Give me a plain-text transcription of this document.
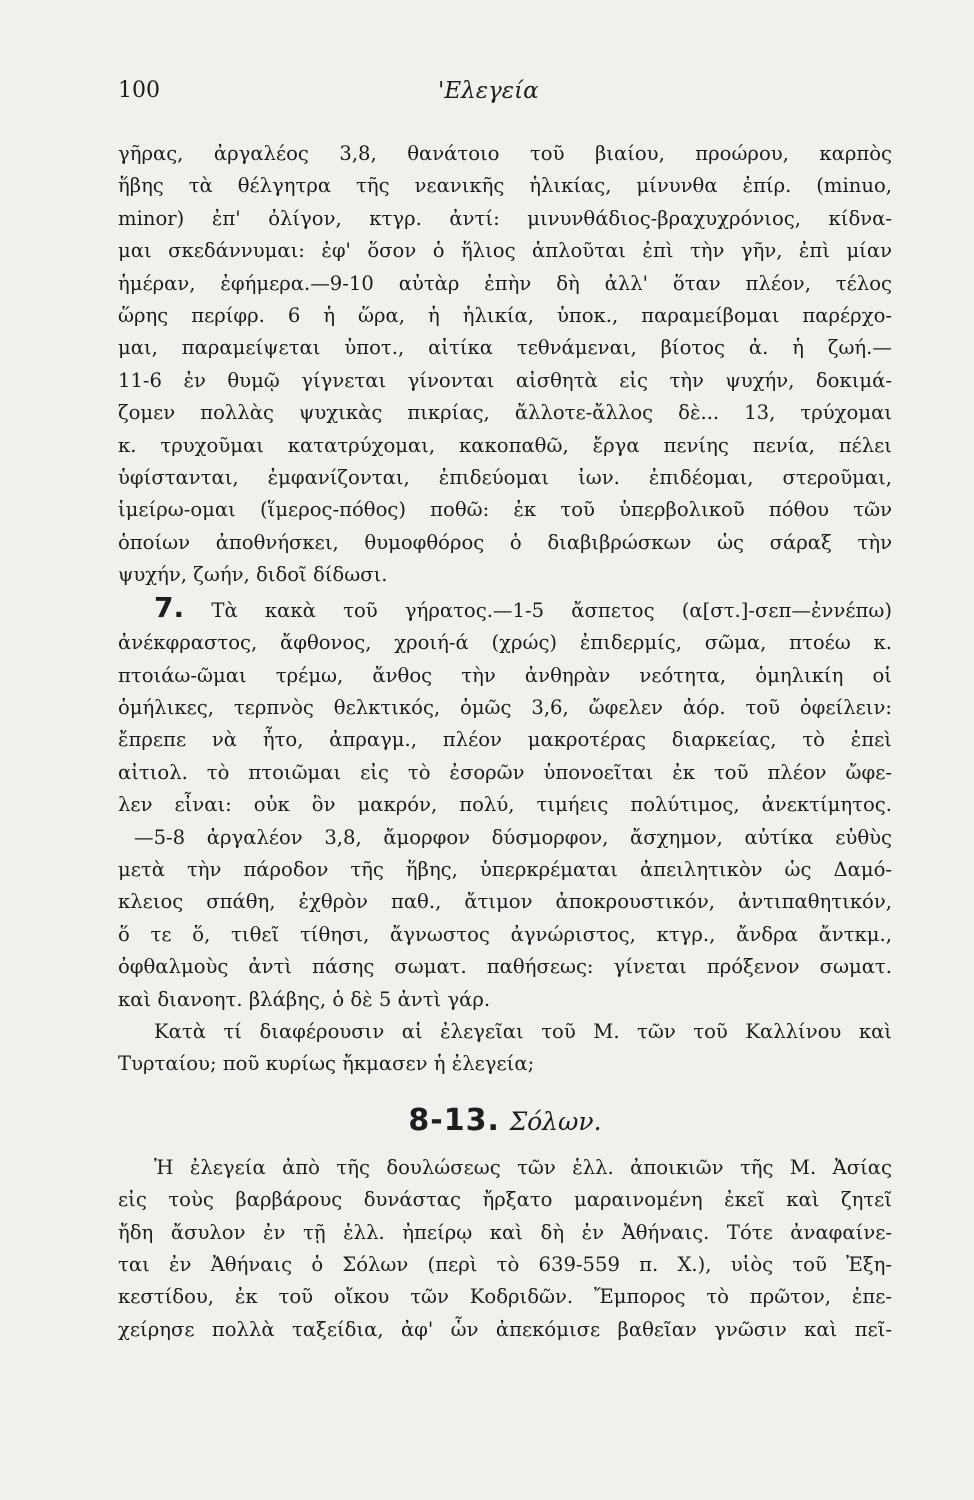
100	'Ελεγεία
γῆρας, ἀργαλέος 3,8, θανάτοιο τοῦ βιαίου, προώρου, καρπὸς
ἥβης τὰ θέλγητρα τῆς νεανικῆς ἡλικίας, μίνυνθα ἐπίρ. (minuo,
minor) ἐπ' ὀλίγον, κτγρ. ἀντί: μινυνθάδιος-βραχυχρόνιος, κίδνα-
μαι σκεδάννυμαι: ἐφ' ὅσον ὁ ἥλιος ἁπλοῦται ἐπὶ τὴν γῆν, ἐπὶ μίαν
ἡμέραν, ἐφήμερα.—9-10 αὐτὰρ ἐπὴν δὴ ἀλλ' ὅταν πλέον, τέλος
ὥρης περίφρ. 6 ἡ ὥρα, ἡ ἡλικία, ὑποκ., παραμείβομαι παρέρχο-
μαι, παραμείψεται ὑποτ., αἰτίκα τεθνάμεναι, βίοτος ἀ. ἡ ζωή.—
11-6 ἐν θυμῷ γίγνεται γίνονται αἰσθητὰ εἰς τὴν ψυχήν, δοκιμά-
ζομεν πολλὰς ψυχικὰς πικρίας, ἄλλοτε-ἄλλος δὲ... 13, τρύχομαι
κ. τρυχοῦμαι κατατρύχομαι, κακοπαθῶ, ἔργα πενίης πενία, πέλει
ὑφίστανται, ἐμφανίζονται, ἐπιδεύομαι ἰων. ἐπιδέομαι, στεροῦμαι,
ἱμείρω-ομαι (ἵμερος-πόθος) ποθῶ: ἐκ τοῦ ὑπερβολικοῦ πόθου τῶν
ὁποίων ἀποθνήσκει, θυμοφθόρος ὁ διαβιβρώσκων ὡς σάραξ τὴν
ψυχήν, ζωήν, διδοῖ δίδωσι.
7. Τὰ κακὰ τοῦ γήρατος.—1-5 ἄσπετος (α[στ.]-σεπ—ἐννέπω)
ἀνέκφραστος, ἄφθονος, χροιή-ά (χρώς) ἐπιδερμίς, σῶμα, πτοέω κ.
πτοιάω-ῶμαι τρέμω, ἄνθος τὴν ἀνθηρὰν νεότητα, ὁμηλικίη οἱ
ὁμήλικες, τερπνὸς θελκτικός, ὁμῶς 3,6, ὤφελεν ἀόρ. τοῦ ὀφείλειν:
ἔπρεπε νὰ ἦτο, ἀπραγμ., πλέον μακροτέρας διαρκείας, τὸ ἐπεὶ
αἰτιολ. τὸ πτοιῶμαι εἰς τὸ ἐσορῶν ὑπονοεῖται ἐκ τοῦ πλέον ὤφε-
λεν εἶναι: οὐκ ὂν μακρόν, πολύ, τιμήεις πολύτιμος, ἀνεκτίμητος.
—5-8 ἀργαλέον 3,8, ἄμορφον δύσμορφον, ἄσχημον, αὐτίκα εὐθὺς
μετὰ τὴν πάροδον τῆς ἥβης, ὑπερκρέμαται ἀπειλητικὸν ὡς Δαμό-
κλειος σπάθη, ἐχθρὸν παθ., ἄτιμον ἀποκρουστικόν, ἀντιπαθητικόν,
ὅ τε ὅ, τιθεῖ τίθησι, ἄγνωστος ἀγνώριστος, κτγρ., ἄνδρα ἄντκμ.,
ὀφθαλμοὺς ἀντὶ πάσης σωματ. παθήσεως: γίνεται πρόξενον σωματ.
καὶ διανοητ. βλάβης, ὁ δὲ 5 ἀντὶ γάρ.
Κατὰ τί διαφέρουσιν αἱ ἐλεγεῖαι τοῦ Μ. τῶν τοῦ Καλλίνου καὶ
Τυρταίου; ποῦ κυρίως ἤκμασεν ἡ ἐλεγεία;
8-13. Σόλων.
Ἡ ἐλεγεία ἀπὸ τῆς δουλώσεως τῶν ἑλλ. ἀποικιῶν τῆς Μ. Ἀσίας
εἰς τοὺς βαρβάρους δυνάστας ἤρξατο μαραινομένη ἐκεῖ καὶ ζητεῖ
ἤδη ἄσυλον ἐν τῇ ἑλλ. ἠπείρῳ καὶ δὴ ἐν Ἀθήναις. Τότε ἀναφαίνε-
ται ἐν Ἀθήναις ὁ Σόλων (περὶ τὸ 639-559 π. Χ.), υἱὸς τοῦ Ἐξη-
κεστίδου, ἐκ τοῦ οἴκου τῶν Κοδριδῶν. Ἔμπορος τὸ πρῶτον, ἐπε-
χείρησε πολλὰ ταξείδια, ἀφ' ὧν ἀπεκόμισε βαθεῖαν γνῶσιν καὶ πεῖ-
